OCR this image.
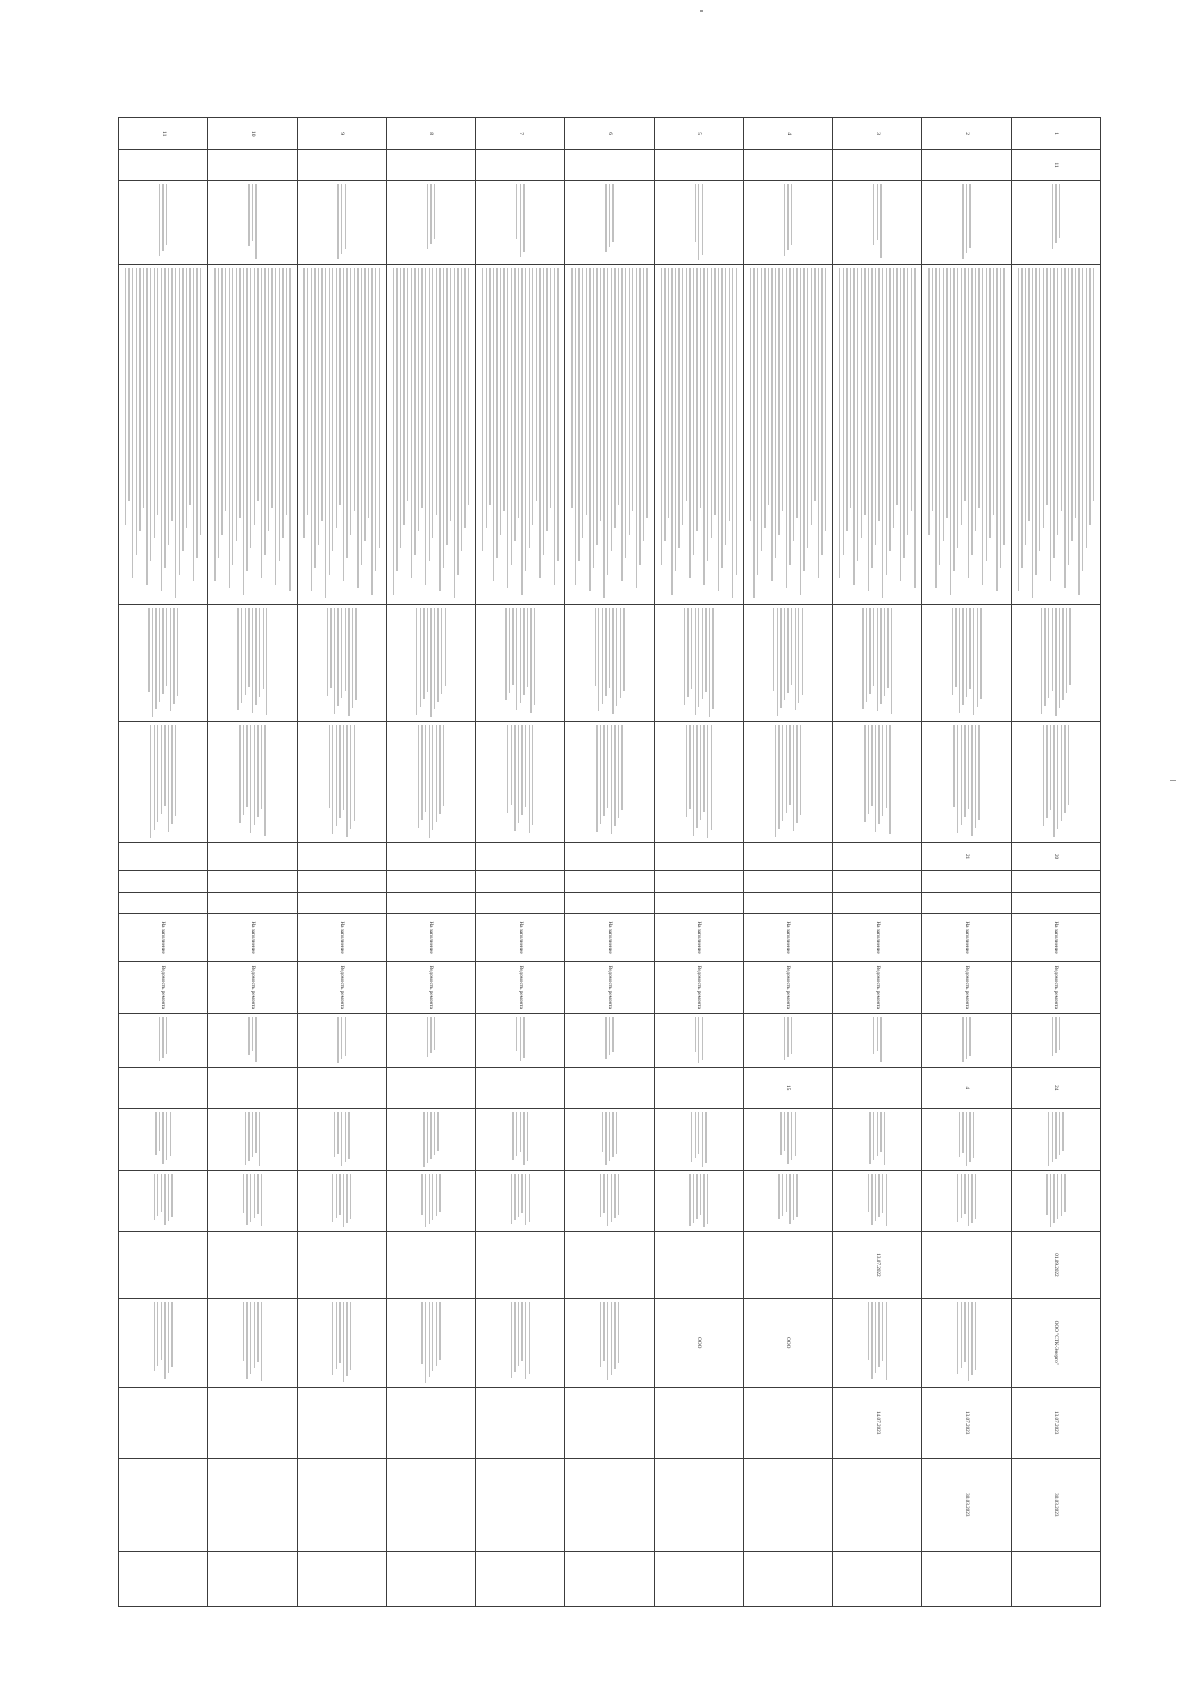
1	11					20			На заполнение	Ведомость ремонта		24			01.09.2022	ООО "СТК-Энерго"	13.07.2023	30.03.2023	

2						21			На заполнение	Ведомость ремонта		4					13.07.2023	30.03.2023	

3									На заполнение	Ведомость ремонта					13.07.2022		14.07.2023		

4									На заполнение	Ведомость ремонта		15				ООО			

5									На заполнение	Ведомость ремонта						ООО			

6									На заполнение	Ведомость ремонта									

7									На заполнение	Ведомость ремонта									

8									На заполнение	Ведомость ремонта									

9									На заполнение	Ведомость ремонта									

10									На заполнение	Ведомость ремонта									

11									На заполнение	Ведомость ремонта									
